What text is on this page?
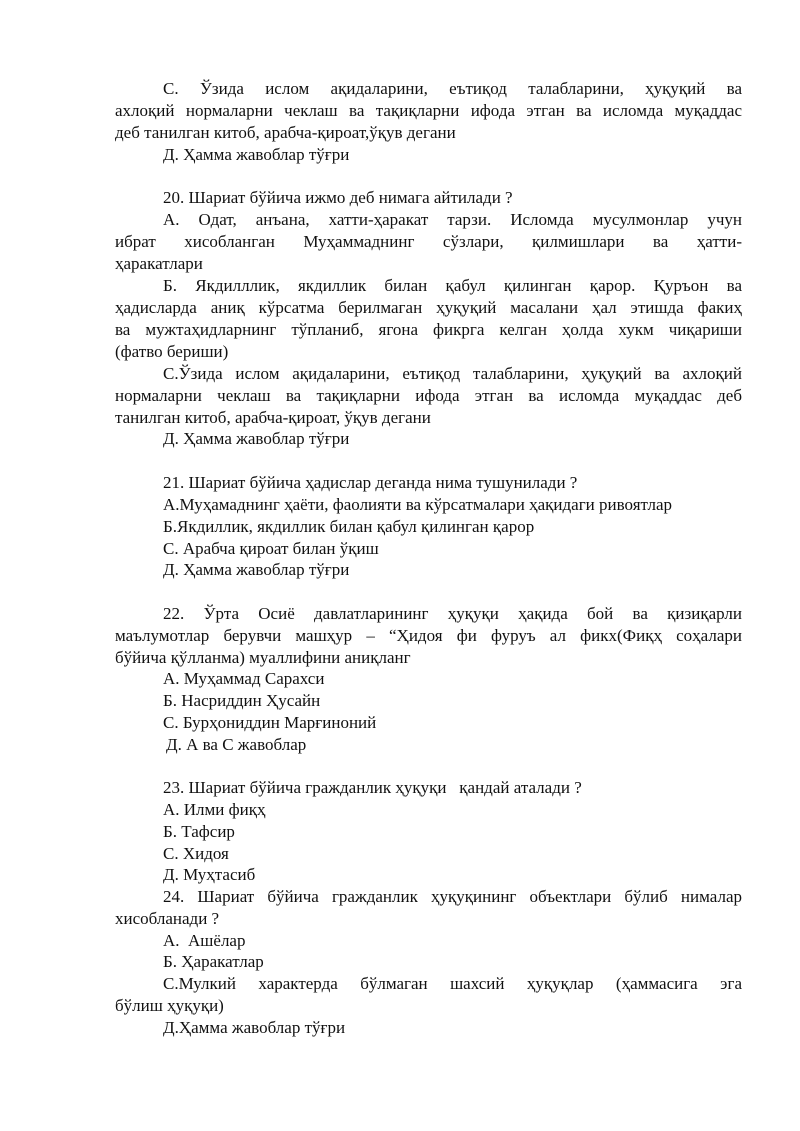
С. Ўзида ислом ақидаларини, еътиқод талабларини, ҳуқуқий ва
ахлоқий нормаларни чеклаш ва тақиқларни ифода этган ва исломда муқаддас
деб танилган китоб, арабча-қироат,ўқув дегани
Д. Ҳамма жавоблар тўғри
20. Шариат бўйича ижмо деб нимага айтилади ?
А. Одат, анъана, хатти-ҳаракат тарзи. Исломда мусулмонлар учун
ибрат хисобланган Муҳаммаднинг сўзлари, қилмишлари ва ҳатти-
ҳаракатлари
Б. Якдилллик, якдиллик билан қабул қилинган қарор. Қуръон ва
ҳадисларда аниқ кўрсатма берилмаган ҳуқуқий масалани ҳал этишда факиҳ
ва мужтаҳидларнинг тўпланиб, ягона фикрга келган ҳолда хукм чиқариши
(фатво бериши)
С.Ўзида ислом ақидаларини, еътиқод талабларини, ҳуқуқий ва ахлоқий
нормаларни чеклаш ва тақиқларни ифода этган ва исломда муқаддас деб
танилган китоб, арабча-қироат, ўқув дегани
Д. Ҳамма жавоблар тўғри
21. Шариат бўйича ҳадислар деганда нима тушунилади ?
А.Муҳамаднинг ҳаёти, фаолияти ва кўрсатмалари ҳақидаги ривоятлар
Б.Якдиллик, якдиллик билан қабул қилинган қарор
С. Арабча қироат билан ўқиш
Д. Ҳамма жавоблар тўғри
22. Ўрта Осиё давлатларининг ҳуқуқи ҳақида бой ва қизиқарли
маълумотлар берувчи машҳур – “Ҳидоя фи фуруъ ал фикх(Фиқҳ соҳалари
бўйича қўлланма) муаллифини аниқланг
А. Муҳаммад Сарахси
Б. Насриддин Ҳусайн
С. Бурҳониддин Марғиноний
Д. А ва С жавоблар
23. Шариат бўйича гражданлик ҳуқуқи   қандай аталади ?
А. Илми фиқҳ
Б. Тафсир
С. Хидоя
Д. Муҳтасиб
24. Шариат бўйича гражданлик ҳуқуқининг объектлари бўлиб нималар
хисобланади ?
А.  Ашёлар
Б. Ҳаракатлар
С.Мулкий характерда бўлмаган шахсий ҳуқуқлар (ҳаммасига эга
бўлиш ҳуқуқи)
Д.Ҳамма жавоблар тўғри
